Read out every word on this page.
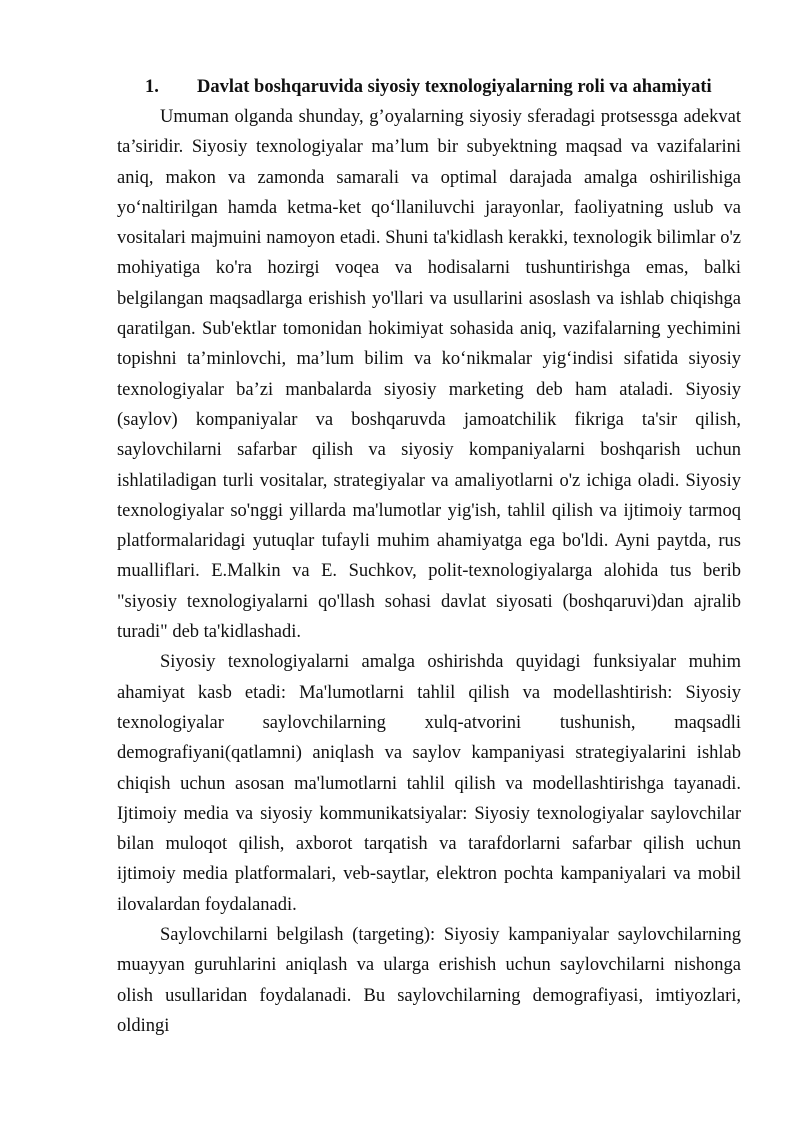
1. Davlat boshqaruvida siyosiy texnologiyalarning roli va ahamiyati

Umuman olganda shunday, g’oyalarning siyosiy sferadagi protsessga adekvat ta’siridir. Siyosiy texnologiyalar ma’lum bir subyektning maqsad va vazifalarini aniq, makon va zamonda samarali va optimal darajada amalga oshirilishiga yo‘naltirilgan hamda ketma-ket qo‘llaniluvchi jarayonlar, faoliyatning uslub va vositalari majmuini namoyon etadi. Shuni ta'kidlash kerakki, texnologik bilimlar o'z mohiyatiga ko'ra hozirgi voqea va hodisalarni tushuntirishga emas, balki belgilangan maqsadlarga erishish yo'llari va usullarini asoslash va ishlab chiqishga qaratilgan. Sub'ektlar tomonidan hokimiyat sohasida aniq, vazifalarning yechimini topishni ta’minlovchi, ma’lum bilim va ko‘nikmalar yig‘indisi sifatida siyosiy texnologiyalar ba’zi manbalarda siyosiy marketing deb ham ataladi. Siyosiy (saylov) kompaniyalar va boshqaruvda jamoatchilik fikriga ta'sir qilish, saylovchilarni safarbar qilish va siyosiy kompaniyalarni boshqarish uchun ishlatiladigan turli vositalar, strategiyalar va amaliyotlarni o'z ichiga oladi. Siyosiy texnologiyalar so'nggi yillarda ma'lumotlar yig'ish, tahlil qilish va ijtimoiy tarmoq platformalaridagi yutuqlar tufayli muhim ahamiyatga ega bo'ldi. Ayni paytda, rus mualliflari. E.Malkin va E. Suchkov, polit-texnologiyalarga alohida tus berib "siyosiy texnologiyalarni qo'llash sohasi davlat siyosati (boshqaruvi)dan ajralib turadi" deb ta'kidlashadi.

Siyosiy texnologiyalarni amalga oshirishda quyidagi funksiyalar muhim ahamiyat kasb etadi: Ma'lumotlarni tahlil qilish va modellashtirish: Siyosiy texnologiyalar saylovchilarning xulq-atvorini tushunish, maqsadli demografiyani(qatlamni) aniqlash va saylov kampaniyasi strategiyalarini ishlab chiqish uchun asosan ma'lumotlarni tahlil qilish va modellashtirishga tayanadi. Ijtimoiy media va siyosiy kommunikatsiyalar: Siyosiy texnologiyalar saylovchilar bilan muloqot qilish, axborot tarqatish va tarafdorlarni safarbar qilish uchun ijtimoiy media platformalari, veb-saytlar, elektron pochta kampaniyalari va mobil ilovalardan foydalanadi.

Saylovchilarni belgilash (targeting): Siyosiy kampaniyalar saylovchilarning muayyan guruhlarini aniqlash va ularga erishish uchun saylovchilarni nishonga olish usullaridan foydalanadi. Bu saylovchilarning demografiyasi, imtiyozlari, oldingi
